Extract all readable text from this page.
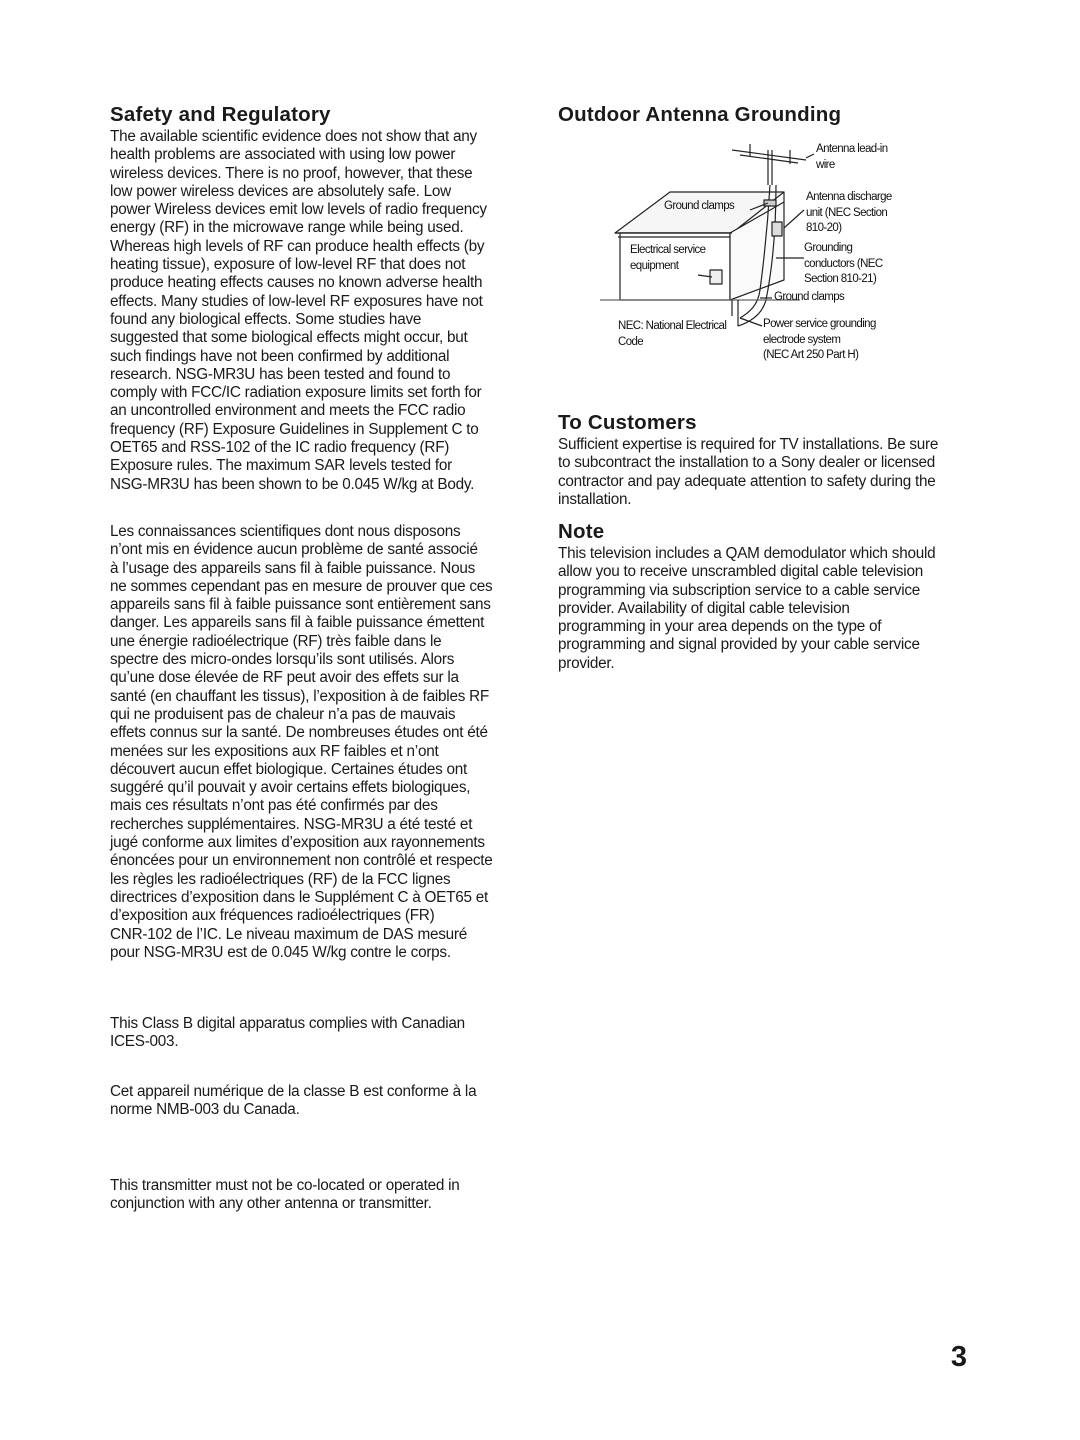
Safety and Regulatory

The available scientific evidence does not show that any
health problems are associated with using low power
wireless devices. There is no proof, however, that these
low power wireless devices are absolutely safe. Low
power Wireless devices emit low levels of radio frequency
energy (RF) in the microwave range while being used.
Whereas high levels of RF can produce health effects (by
heating tissue), exposure of low-level RF that does not
produce heating effects causes no known adverse health
effects. Many studies of low-level RF exposures have not
found any biological effects. Some studies have
suggested that some biological effects might occur, but
such findings have not been confirmed by additional
research. NSG-MR3U has been tested and found to
comply with FCC/IC radiation exposure limits set forth for
an uncontrolled environment and meets the FCC radio
frequency (RF) Exposure Guidelines in Supplement C to
OET65 and RSS-102 of the IC radio frequency (RF)
Exposure rules. The maximum SAR levels tested for
NSG-MR3U has been shown to be 0.045 W/kg at Body.

Les connaissances scientifiques dont nous disposons
n’ont mis en évidence aucun problème de santé associé
à l’usage des appareils sans fil à faible puissance. Nous
ne sommes cependant pas en mesure de prouver que ces
appareils sans fil à faible puissance sont entièrement sans
danger. Les appareils sans fil à faible puissance émettent
une énergie radioélectrique (RF) très faible dans le
spectre des micro-ondes lorsqu’ils sont utilisés. Alors
qu’une dose élevée de RF peut avoir des effets sur la
santé (en chauffant les tissus), l’exposition à de faibles RF
qui ne produisent pas de chaleur n’a pas de mauvais
effets connus sur la santé. De nombreuses études ont été
menées sur les expositions aux RF faibles et n’ont
découvert aucun effet biologique. Certaines études ont
suggéré qu’il pouvait y avoir certains effets biologiques,
mais ces résultats n’ont pas été confirmés par des
recherches supplémentaires. NSG-MR3U a été testé et
jugé conforme aux limites d’exposition aux rayonnements
énoncées pour un environnement non contrôlé et respecte
les règles les radioélectriques (RF) de la FCC lignes
directrices d’exposition dans le Supplément C à OET65 et
d’exposition aux fréquences radioélectriques (FR)
CNR-102 de l’IC. Le niveau maximum de DAS mesuré
pour NSG-MR3U est de 0.045 W/kg contre le corps.

This Class B digital apparatus complies with Canadian
ICES-003.

Cet appareil numérique de la classe B est conforme à la
norme NMB-003 du Canada.

This transmitter must not be co-located or operated in
conjunction with any other antenna or transmitter.

Outdoor Antenna Grounding
Antenna lead-in
wire
Antenna discharge
unit (NEC Section
810-20)
Ground clamps
Electrical service
equipment
Grounding
conductors (NEC
Section 810-21)
Ground clamps
NEC: National Electrical
Code
Power service grounding
electrode system
(NEC Art 250 Part H)
To Customers

Sufficient expertise is required for TV installations. Be sure
to subcontract the installation to a Sony dealer or licensed
contractor and pay adequate attention to safety during the
installation.

Note

This television includes a QAM demodulator which should
allow you to receive unscrambled digital cable television
programming via subscription service to a cable service
provider. Availability of digital cable television
programming in your area depends on the type of
programming and signal provided by your cable service
provider.

3
